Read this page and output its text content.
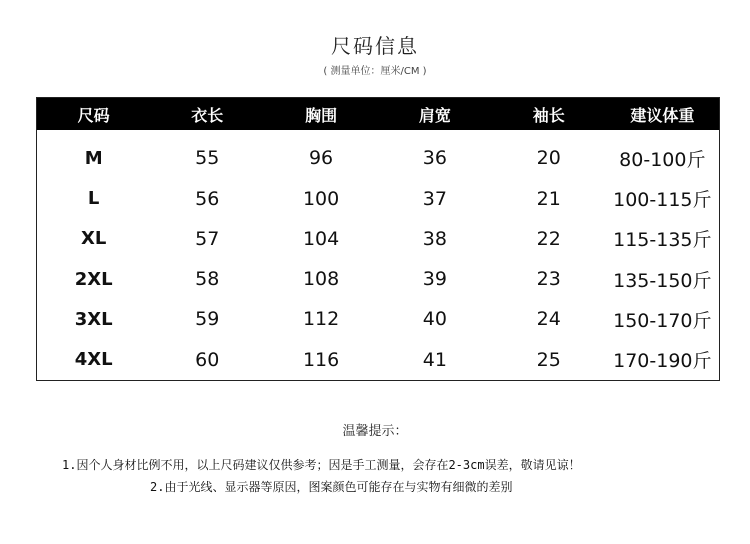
尺码信息
( 测量单位：厘米/CM )
尺码	衣长	胸围	肩宽	袖长	建议体重
M	55	96	36	20	80-100斤
L	56	100	37	21	100-115斤
XL	57	104	38	22	115-135斤
2XL	58	108	39	23	135-150斤
3XL	59	112	40	24	150-170斤
4XL	60	116	41	25	170-190斤
温馨提示：
1.因个人身材比例不用，以上尺码建议仅供参考；因是手工测量，会存在2-3cm误差，敬请见谅！
2.由于光线、显示器等原因，图案颜色可能存在与实物有细微的差别
